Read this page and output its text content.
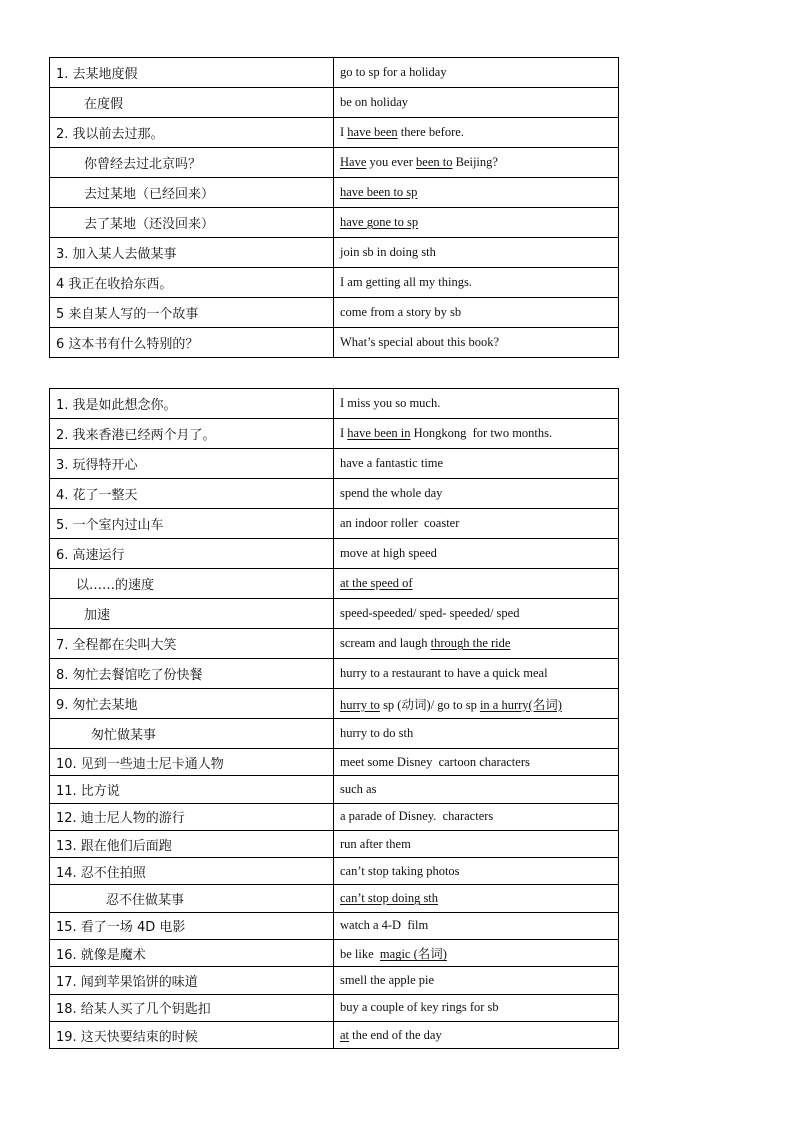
1. 去某地度假	go to sp for a holiday
在度假	be on holiday
2. 我以前去过那。	I have been there before.
你曾经去过北京吗？	Have you ever been to Beijing?
去过某地（已经回来）	have been to sp
去了某地（还没回来）	have gone to sp
3. 加入某人去做某事	join sb in doing sth
4 我正在收拾东西。	I am getting all my things.
5 来自某人写的一个故事	come from a story by sb
6 这本书有什么特别的？	What’s special about this book?
1. 我是如此想念你。	I miss you so much.
2. 我来香港已经两个月了。	I have been in Hongkong  for two months.
3. 玩得特开心	have a fantastic time
4. 花了一整天	spend the whole day
5. 一个室内过山车	an indoor roller  coaster
6. 高速运行	move at high speed
以……的速度	at the speed of
加速	speed-speeded/ sped- speeded/ sped
7. 全程都在尖叫大笑	scream and laugh through the ride
8. 匆忙去餐馆吃了份快餐	hurry to a restaurant to have a quick meal
9. 匆忙去某地	hurry to sp (动词)/ go to sp in a hurry(名词)
匆忙做某事	hurry to do sth
10. 见到一些迪士尼卡通人物	meet some Disney  cartoon characters
11. 比方说	such as
12. 迪士尼人物的游行	a parade of Disney.  characters
13. 跟在他们后面跑	run after them
14. 忍不住拍照	can’t stop taking photos
忍不住做某事	can’t stop doing sth
15. 看了一场 4D 电影	watch a 4-D  film
16. 就像是魔术	be like  magic (名词)
17. 闻到苹果馅饼的味道	smell the apple pie
18. 给某人买了几个钥匙扣	buy a couple of key rings for sb
19. 这天快要结束的时候	at the end of the day
